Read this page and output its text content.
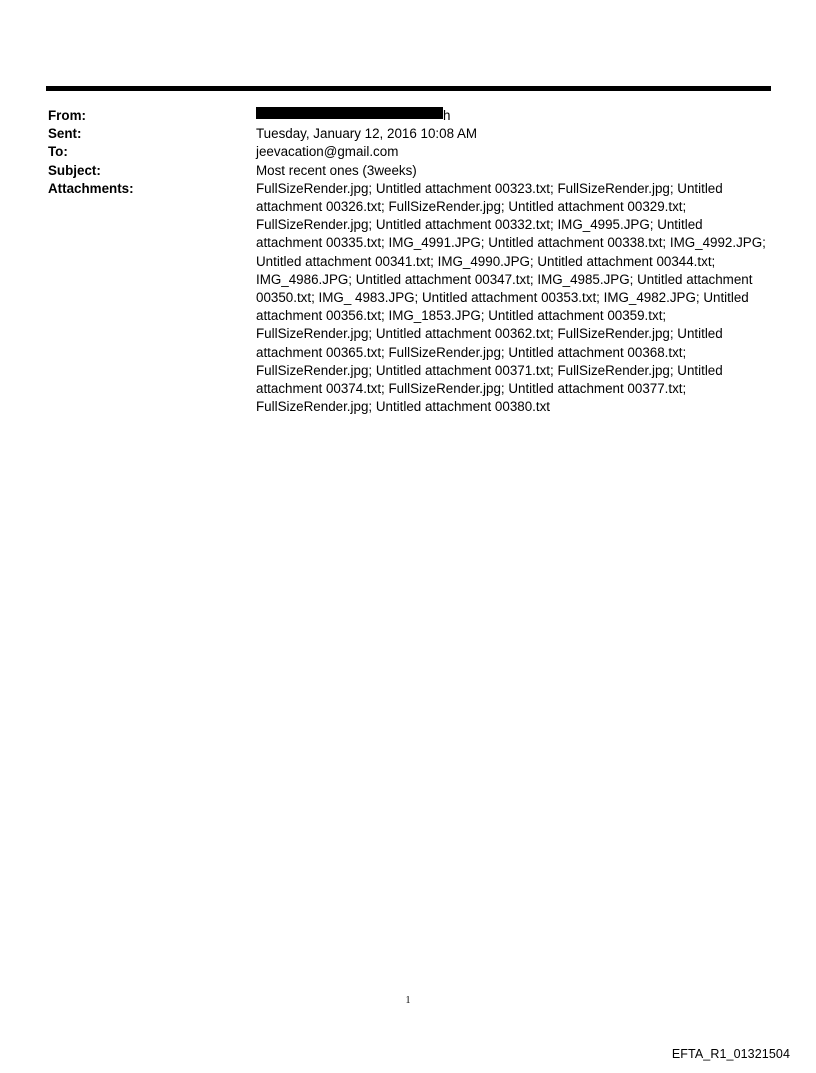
From:	h
Sent:	Tuesday, January 12, 2016 10:08 AM
To:	jeevacation@gmail.com
Subject:	Most recent ones (3weeks)
Attachments:	FullSizeRender.jpg; Untitled attachment 00323.txt; FullSizeRender.jpg; Untitled attachment 00326.txt; FullSizeRender.jpg; Untitled attachment 00329.txt; FullSizeRender.jpg; Untitled attachment 00332.txt; IMG_4995.JPG; Untitled attachment 00335.txt; IMG_4991.JPG; Untitled attachment 00338.txt; IMG_4992.JPG; Untitled attachment 00341.txt; IMG_4990.JPG; Untitled attachment 00344.txt; IMG_4986.JPG; Untitled attachment 00347.txt; IMG_4985.JPG; Untitled attachment 00350.txt; IMG_ 4983.JPG; Untitled attachment 00353.txt; IMG_4982.JPG; Untitled attachment 00356.txt; IMG_1853.JPG; Untitled attachment 00359.txt; FullSizeRender.jpg; Untitled attachment 00362.txt; FullSizeRender.jpg; Untitled attachment 00365.txt; FullSizeRender.jpg; Untitled attachment 00368.txt; FullSizeRender.jpg; Untitled attachment 00371.txt; FullSizeRender.jpg; Untitled attachment 00374.txt; FullSizeRender.jpg; Untitled attachment 00377.txt; FullSizeRender.jpg; Untitled attachment 00380.txt
1
EFTA_R1_01321504
